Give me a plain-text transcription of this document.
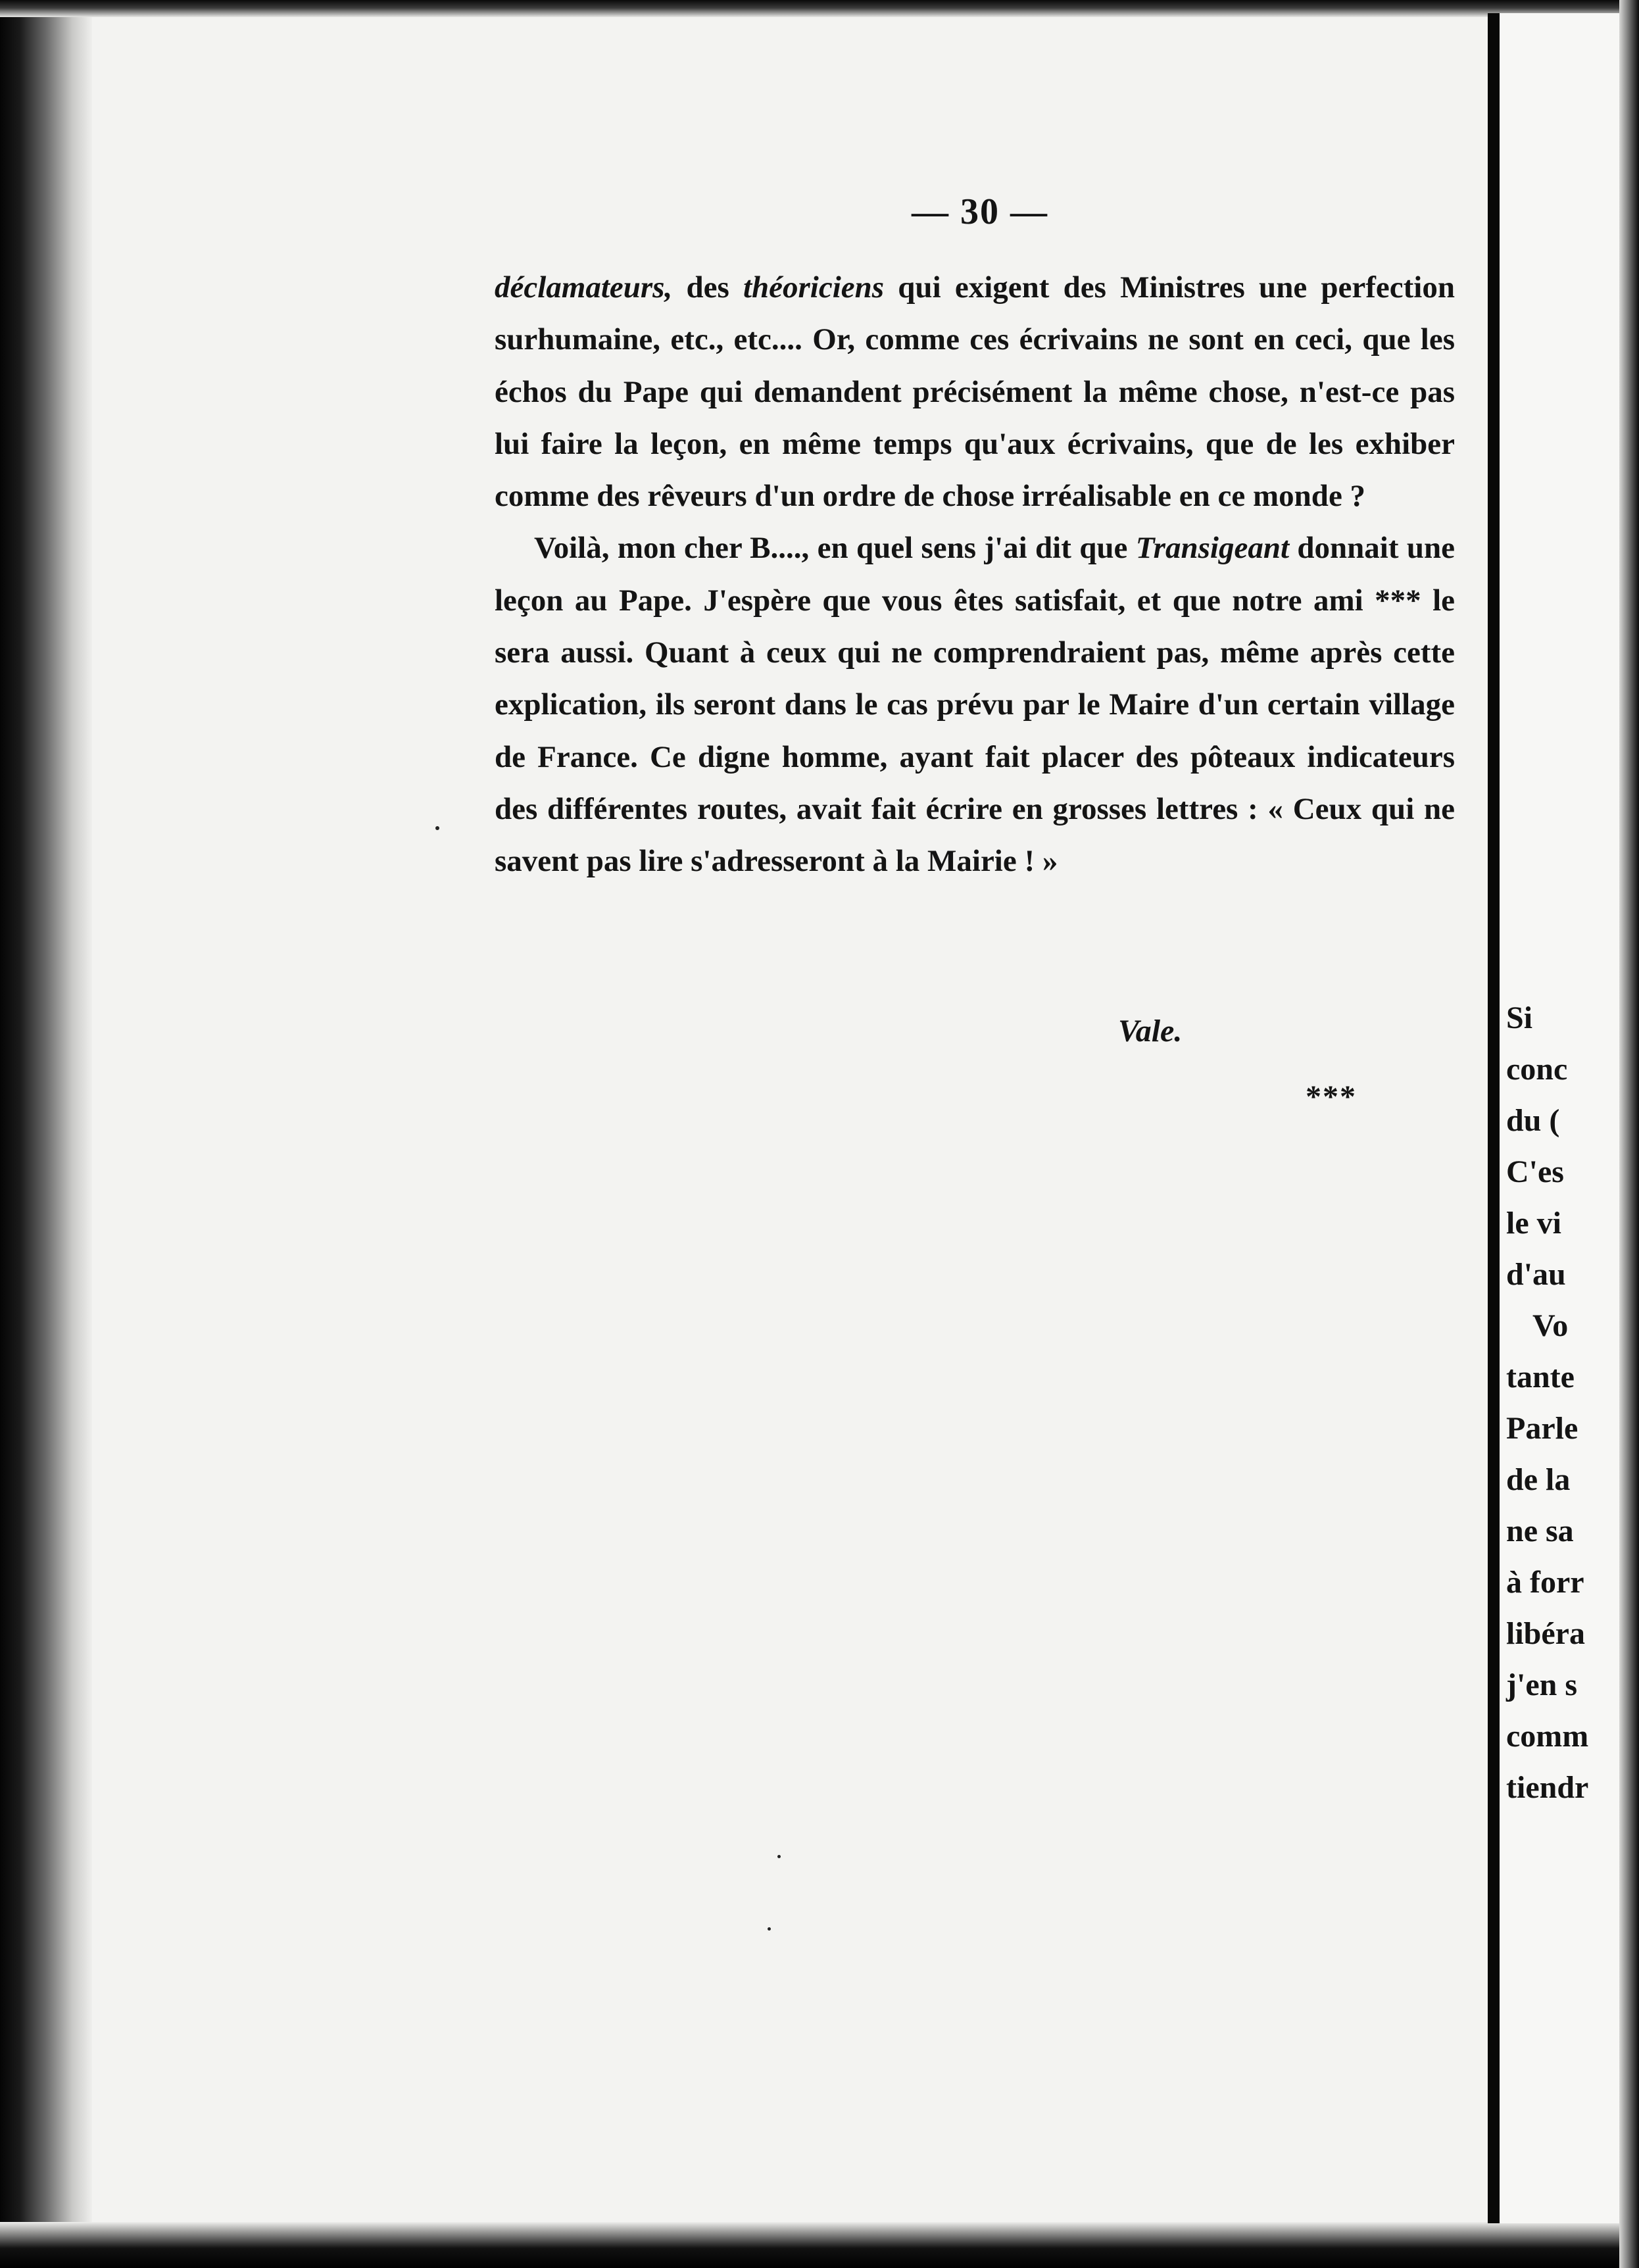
— 30 —

déclamateurs, des théoriciens qui exigent des Ministres une perfection surhumaine, etc., etc.... Or, comme ces écrivains ne sont en ceci, que les échos du Pape qui demandent précisément la même chose, n'est-ce pas lui faire la leçon, en même temps qu'aux écrivains, que de les exhiber comme des rêveurs d'un ordre de chose irréalisable en ce monde ?

Voilà, mon cher B...., en quel sens j'ai dit que Transigeant donnait une leçon au Pape. J'espère que vous êtes satisfait, et que notre ami *** le sera aussi. Quant à ceux qui ne comprendraient pas, même après cette explication, ils seront dans le cas prévu par le Maire d'un certain village de France. Ce digne homme, ayant fait placer des pôteaux indicateurs des différentes routes, avait fait écrire en grosses lettres : « Ceux qui ne savent pas lire s'adresseront à la Mairie ! »

Vale.
***
Si
conc
du (
C'es
le vi
d'au
Vo
tante
Parle
de la
ne sa
à forr
libéra
j'en s
comm
tiendr
